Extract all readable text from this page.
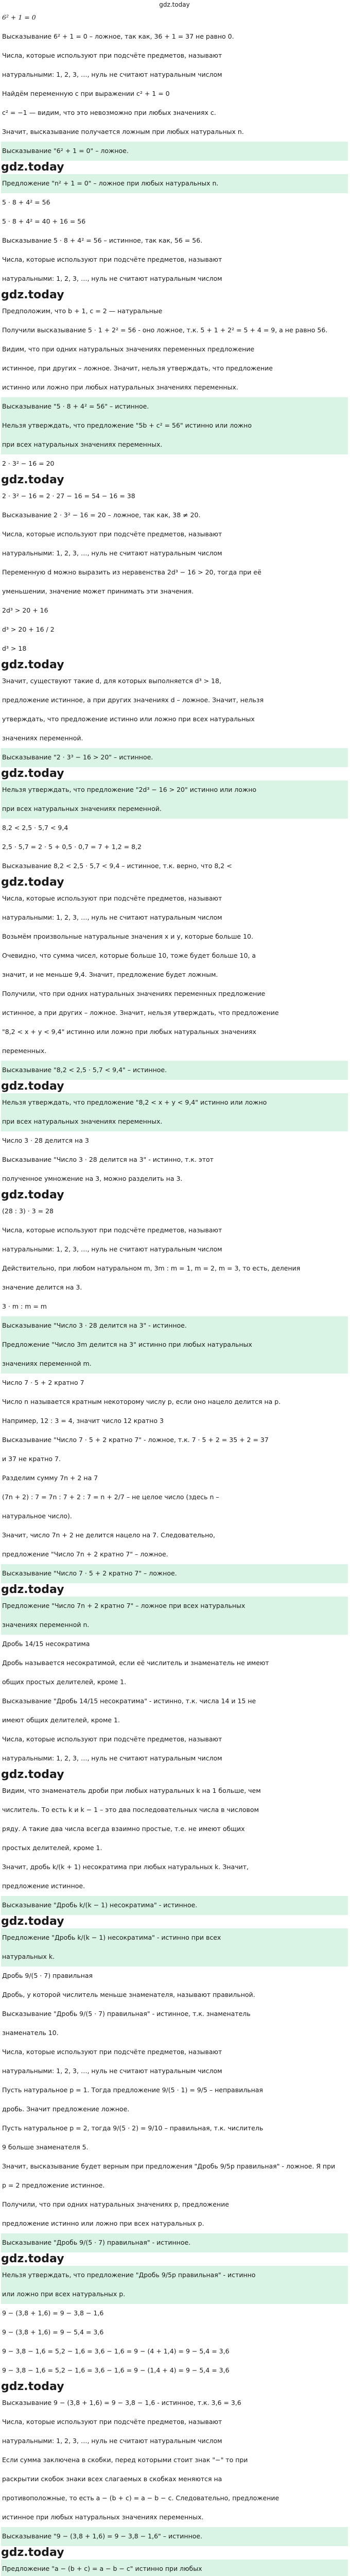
gdz.today
6² + 1 = 0
Высказывание 6² + 1 = 0 – ложное, так как, 36 + 1 = 37 не равно 0.
Числа, которые используют при подсчёте предметов, называют
натуральными: 1, 2, 3, …, нуль не считают натуральным числом
Найдём переменную c при выражении c² + 1 = 0
c² = −1 — видим, что это невозможно при любых значениях c.
Значит, высказывание получается ложным при любых натуральных n.
Высказывание "6² + 1 = 0" – ложное.
gdz.today
Предложение "n² + 1 = 0" – ложное при любых натуральных n.
5 · 8 + 4² = 56
5 · 8 + 4² = 40 + 16 = 56
Высказывание 5 · 8 + 4² = 56 – истинное, так как, 56 = 56.
Числа, которые используют при подсчёте предметов, называют
натуральными: 1, 2, 3, …, нуль не считают натуральным числом
gdz.today
Предположим, что b + 1, c = 2 — натуральные
Получили высказывание 5 · 1 + 2² = 56 - оно ложное, т.к. 5 + 1 + 2² = 5 + 4 = 9, а не равно 56.
Видим, что при одних натуральных значениях переменных предложение
истинное, при других – ложное. Значит, нельзя утверждать, что предложение
истинно или ложно при любых натуральных значениях переменных.
Высказывание "5 · 8 + 4² = 56" – истинное.
Нельзя утверждать, что предложение "5b + c² = 56" истинно или ложно
при всех натуральных значениях переменных.
2 · 3² − 16 = 20
gdz.today
2 · 3² − 16 = 2 · 27 − 16 = 54 − 16 = 38
Высказывание 2 · 3² − 16 = 20 – ложное, так как, 38 ≠ 20.
Числа, которые используют при подсчёте предметов, называют
натуральными: 1, 2, 3, …, нуль не считают натуральным числом
Переменную d можно выразить из неравенства 2d³ − 16 > 20, тогда при её
уменьшении, значение может принимать эти значения.
2d³ > 20 + 16
d³ > 20 + 16 / 2
d³ > 18
gdz.today
Значит, существуют такие d, для которых выполняется d³ > 18,
предложение истинное, а при других значениях d – ложное. Значит, нельзя
утверждать, что предложение истинно или ложно при всех натуральных
значениях переменной.
Высказывание "2 · 3³ − 16 > 20" – истинное.
gdz.today
Нельзя утверждать, что предложение "2d³ − 16 > 20" истинно или ложно
при всех натуральных значениях переменной.
8,2 < 2,5 · 5,7 < 9,4
2,5 · 5,7 = 2 · 5 + 0,5 · 0,7 = 7 + 1,2 = 8,2
Высказывание 8,2 < 2,5 · 5,7 < 9,4 – истинное, т.к. верно, что 8,2 <
gdz.today
Числа, которые используют при подсчёте предметов, называют
натуральными: 1, 2, 3, …, нуль не считают натуральным числом
Возьмём произвольные натуральные значения x и y, которые больше 10.
Очевидно, что сумма чисел, которые больше 10, тоже будет больше 10, а
значит, и не меньше 9,4. Значит, предложение будет ложным.
Получили, что при одних натуральных значениях переменных предложение
истинное, а при других – ложное. Значит, нельзя утверждать, что предложение
"8,2 < x + y < 9,4" истинно или ложно при любых натуральных значениях
переменных.
Высказывание "8,2 < 2,5 · 5,7 < 9,4" – истинное.
gdz.today
Нельзя утверждать, что предложение "8,2 < x + y < 9,4" истинно или ложно
при всех натуральных значениях переменных.
Число 3 · 28 делится на 3
Высказывание "Число 3 · 28 делится на 3" - истинно, т.к. этот
полученное умножение на 3, можно разделить на 3.
gdz.today
(28 : 3) · 3 = 28
Числа, которые используют при подсчёте предметов, называют
натуральными: 1, 2, 3, …, нуль не считают натуральным числом
Действительно, при любом натуральном m, 3m : m = 1, m = 2, m = 3, то есть, деления
значение делится на 3.
3 · m : m = m
Высказывание "Число 3 · 28 делится на 3" - истинное.
Предложение "Число 3m делится на 3" истинно при любых натуральных
значениях переменной m.
Число 7 · 5 + 2 кратно 7
Число n называется кратным некоторому числу p, если оно нацело делится на p.
Например, 12 : 3 = 4, значит число 12 кратно 3
Высказывание "Число 7 · 5 + 2 кратно 7" - ложное, т.к. 7 · 5 + 2 = 35 + 2 = 37
и 37 не кратно 7.
Разделим сумму 7n + 2 на 7
(7n + 2) : 7 = 7n : 7 + 2 : 7 = n + 2/7 – не целое число (здесь n –
натуральное число).
Значит, число 7n + 2 не делится нацело на 7. Следовательно,
предложение "Число 7n + 2 кратно 7" – ложное.
Высказывание "Число 7 · 5 + 2 кратно 7" – ложное.
gdz.today
Предложение "Число 7n + 2 кратно 7" – ложное при всех натуральных
значениях переменной n.
Дробь 14/15 несократима
Дробь называется несократимой, если её числитель и знаменатель не имеют
общих простых делителей, кроме 1.
Высказывание "Дробь 14/15 несократима" - истинно, т.к. числа 14 и 15 не
имеют общих делителей, кроме 1.
Числа, которые используют при подсчёте предметов, называют
натуральными: 1, 2, 3, …, нуль не считают натуральным числом
gdz.today
Видим, что знаменатель дроби при любых натуральных k на 1 больше, чем
числитель. То есть k и k − 1 – это два последовательных числа в числовом
ряду. А такие два числа всегда взаимно простые, т.е. не имеют общих
простых делителей, кроме 1.
Значит, дробь k/(k + 1) несократима при любых натуральных k. Значит,
предложение истинное.
Высказывание "Дробь k/(k − 1) несократима" - истинное.
gdz.today
Предложение "Дробь k/(k − 1) несократима" - истинно при всех
натуральных k.
Дробь 9/(5 · 7) правильная
Дробь, у которой числитель меньше знаменателя, называют правильной.
Высказывание "Дробь 9/(5 · 7) правильная" - истинное, т.к. знаменатель
знаменатель 10.
Числа, которые используют при подсчёте предметов, называют
натуральными: 1, 2, 3, …, нуль не считают натуральным числом
Пусть натуральное p = 1. Тогда предложение 9/(5 · 1) = 9/5 – неправильная
дробь. Значит предложение ложное.
Пусть натуральное p = 2, тогда 9/(5 · 2) = 9/10 – правильная, т.к. числитель
9 больше знаменателя 5.
Значит, высказывание будет верным при предложения "Дробь 9/5p правильная" - ложное. Я при
p = 2 предложение истинное.
Получили, что при одних натуральных значениях p, предложение
предложение истинно или ложно при всех натуральных p.
Высказывание "Дробь 9/(5 · 7) правильная" - истинное.
gdz.today
Нельзя утверждать, что предложение "Дробь 9/5p правильная" - истинно
или ложно при всех натуральных p.
9 − (3,8 + 1,6) = 9 − 3,8 − 1,6
9 − (3,8 + 1,6) = 9 − 5,4 = 3,6
9 − 3,8 − 1,6 = 5,2 − 1,6 = 3,6 − 1,6 = 9 − (4 + 1,4) = 9 − 5,4 = 3,6
9 − 3,8 − 1,6 = 5,2 − 1,6 = 3,6 − 1,6 = 9 − (1,4 + 4) = 9 − 5,4 = 3,6
gdz.today
Высказывание 9 − (3,8 + 1,6) = 9 − 3,8 − 1,6 - истинное, т.к. 3,6 = 3,6
Числа, которые используют при подсчёте предметов, называют
натуральными: 1, 2, 3, …, нуль не считают натуральным числом
Если сумма заключена в скобки, перед которыми стоит знак "−" то при
раскрытии скобок знаки всех слагаемых в скобках меняются на
противоположные, то есть a − (b + c) = a − b − c. Следовательно, предложение
истинное при любых натуральных значениях переменных.
Высказывание "9 − (3,8 + 1,6) = 9 − 3,8 − 1,6" – истинное.
gdz.today
Предложение "a − (b + c) = a − b − c" истинно при любых
